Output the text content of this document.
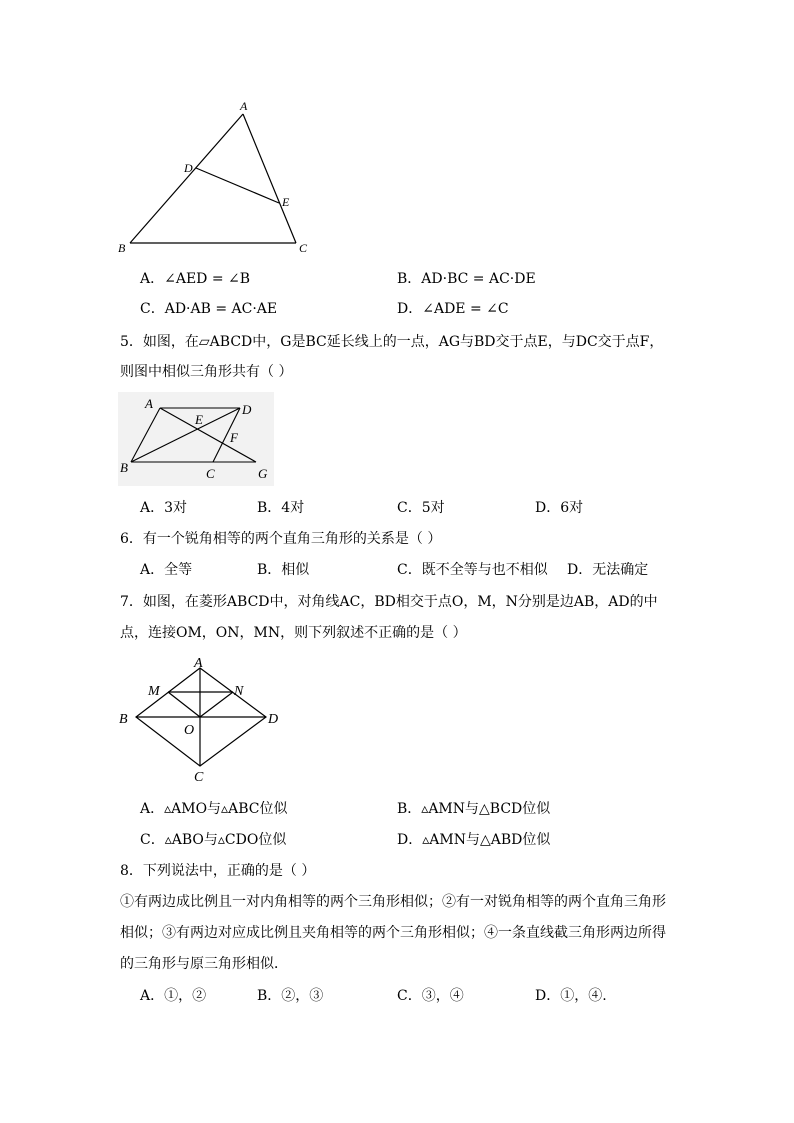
A
D
E
B	C
A．∠AED = ∠B	B．AD·BC = AC·DE
C．AD·AB = AC·AE	D．∠ADE = ∠C
5．如图，在▱ABCD中，G是BC延长线上的一点，AG与BD交于点E，与DC交于点F，
则图中相似三角形共有（ ）
A	D
E
F
B	C	G
A．3对	B．4对	C．5对	D．6对
6．有一个锐角相等的两个直角三角形的关系是（ ）
A．全等	B．相似	C．既不全等与也不相似 D．无法确定
7．如图，在菱形ABCD中，对角线AC，BD相交于点O，M，N分别是边AB，AD的中
点，连接OM，ON，MN，则下列叙述不正确的是（ ）
A
M	N
B	D
O
C
A．▵AMO与▵ABC位似	B．▵AMN与△BCD位似
C．▵ABO与▵CDO位似	D．▵AMN与△ABD位似
8．下列说法中，正确的是（ ）
①有两边成比例且一对内角相等的两个三角形相似；②有一对锐角相等的两个直角三角形
相似；③有两边对应成比例且夹角相等的两个三角形相似；④一条直线截三角形两边所得
的三角形与原三角形相似．
A．①，②	B．②，③	C．③，④	D．①，④.
